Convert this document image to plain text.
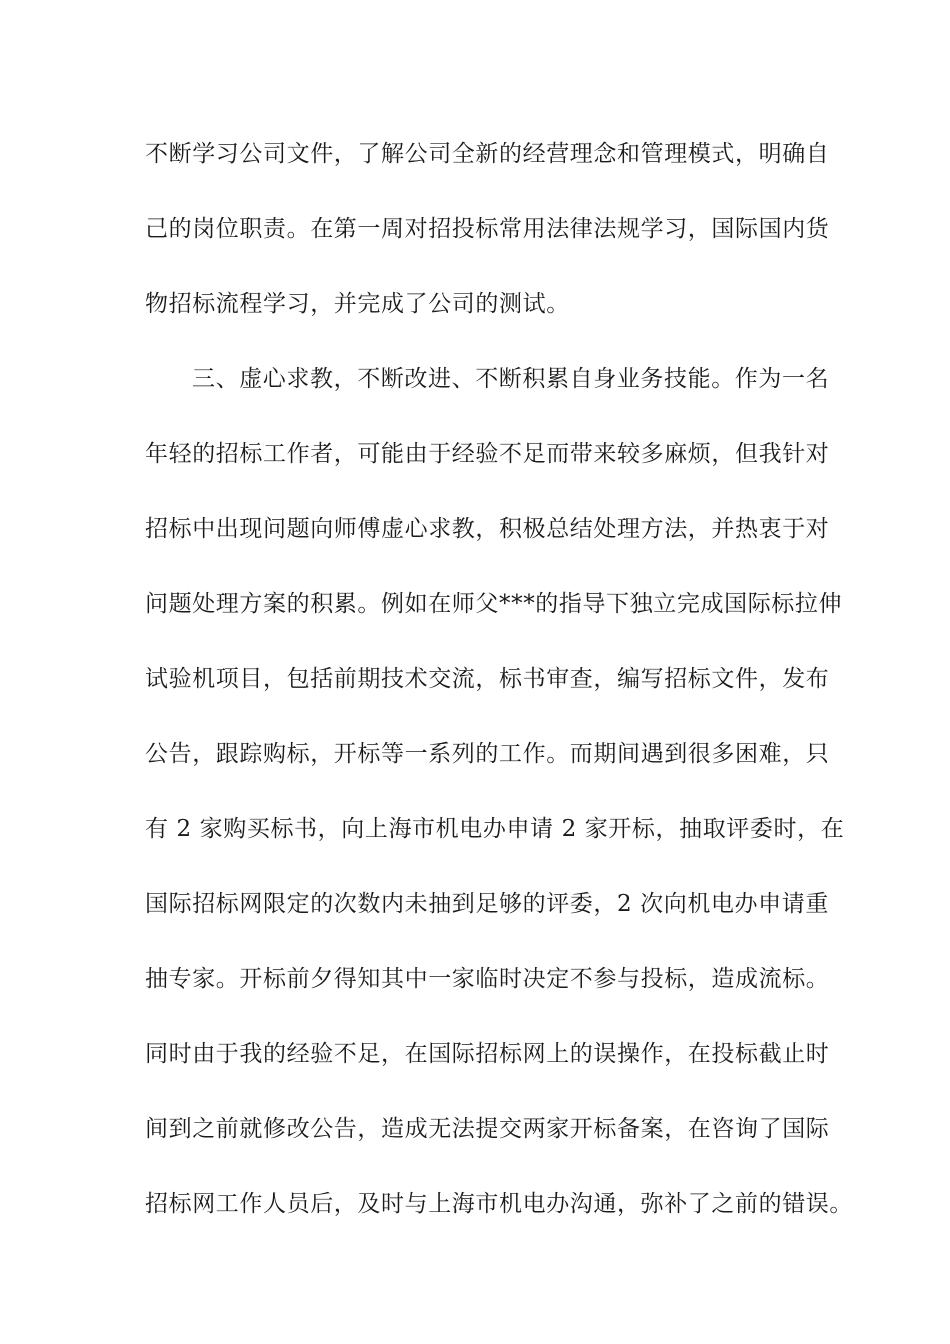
不断学习公司文件，了解公司全新的经营理念和管理模式，明确自
己的岗位职责。在第一周对招投标常用法律法规学习，国际国内货
物招标流程学习，并完成了公司的测试。
三、虚心求教，不断改进、不断积累自身业务技能。作为一名
年轻的招标工作者，可能由于经验不足而带来较多麻烦，但我针对
招标中出现问题向师傅虚心求教，积极总结处理方法，并热衷于对
问题处理方案的积累。例如在师父***的指导下独立完成国际标拉伸
试验机项目，包括前期技术交流，标书审查，编写招标文件，发布
公告，跟踪购标，开标等一系列的工作。而期间遇到很多困难，只
有 2 家购买标书，向上海市机电办申请 2 家开标，抽取评委时，在
国际招标网限定的次数内未抽到足够的评委，2 次向机电办申请重
抽专家。开标前夕得知其中一家临时决定不参与投标，造成流标。
同时由于我的经验不足，在国际招标网上的误操作，在投标截止时
间到之前就修改公告，造成无法提交两家开标备案，在咨询了国际
招标网工作人员后，及时与上海市机电办沟通，弥补了之前的错误。
